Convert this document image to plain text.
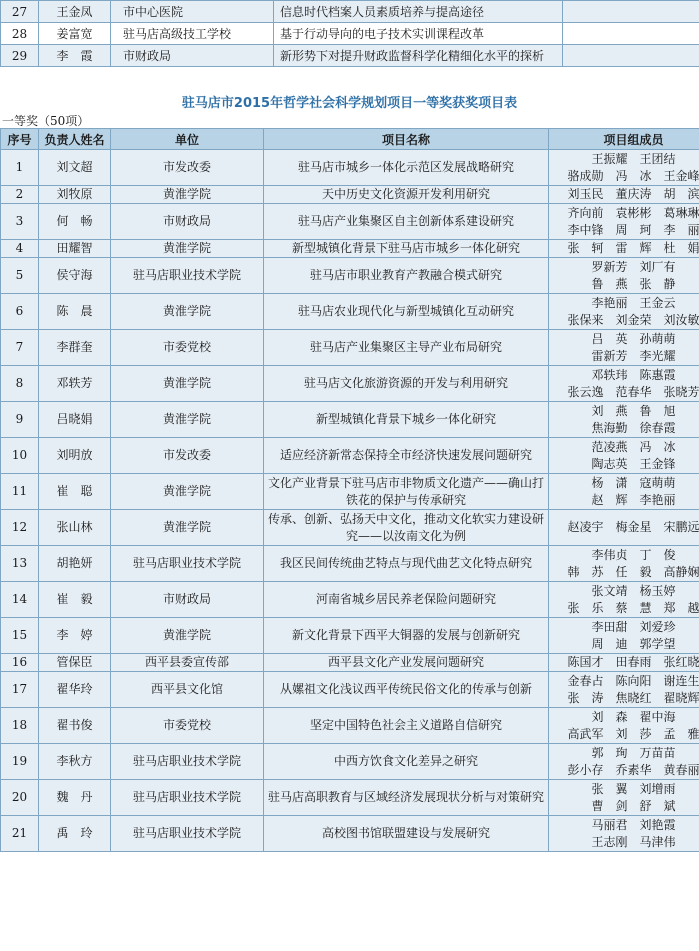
27	王金凤	市中心医院	信息时代档案人员素质培养与提高途径	
28	姜富宽	驻马店高级技工学校	基于行动导向的电子技术实训课程改革	
29	李　霞	市财政局	新形势下对提升财政监督科学化精细化水平的探析	
驻马店市2015年哲学社会科学规划项目一等奖获奖项目表
一等奖（50项）
序号	负责人姓名	单位	项目名称	项目组成员
1	刘文超	市发改委	驻马店市城乡一体化示范区发展战略研究	王振耀　王团结
骆成勋　冯　冰　王金峰
2	刘牧原	黄淮学院	天中历史文化资源开发利用研究	刘玉民　董庆涛　胡　滨
3	何　畅	市财政局	驻马店产业集聚区自主创新体系建设研究	齐向前　袁彬彬　葛琳琳
李中锋　周　珂　李　丽
4	田耀智	黄淮学院	新型城镇化背景下驻马店市城乡一体化研究	张　轲　雷　辉　杜　娟
5	侯守海	驻马店职业技术学院	驻马店市职业教育产教融合模式研究	罗新芳　刘厂有
鲁　燕　张　静
6	陈　晨	黄淮学院	驻马店农业现代化与新型城镇化互动研究	李艳丽　王金云
张保来　刘金荣　刘汝敏
7	李群奎	市委党校	驻马店产业集聚区主导产业布局研究	吕　英　孙萌萌
雷新芳　李光耀
8	邓轶芳	黄淮学院	驻马店文化旅游资源的开发与利用研究	邓轶玮　陈惠霞
张云逸　范春华　张晓芳
9	吕晓娟	黄淮学院	新型城镇化背景下城乡一体化研究	刘　燕　鲁　旭
焦海勤　徐春霞
10	刘明放	市发改委	适应经济新常态保持全市经济快速发展问题研究	范凌燕　冯　冰
陶志英　王金锋
11	崔　聪	黄淮学院	文化产业背景下驻马店市非物质文化遗产——确山打铁花的保护与传承研究	杨　潇　寇萌萌
赵　辉　李艳丽
12	张山林	黄淮学院	传承、创新、弘扬天中文化，推动文化软实力建设研究——以汝南文化为例	赵凌宇　梅金星　宋鹏远
13	胡艳妍	驻马店职业技术学院	我区民间传统曲艺特点与现代曲艺文化特点研究	李伟贞　丁　俊
韩　苏　任　毅　高静娴
14	崔　毅	市财政局	河南省城乡居民养老保险问题研究	张文靖　杨玉婷
张　乐　蔡　慧　郑　越
15	李　婷	黄淮学院	新文化背景下西平大铜器的发展与创新研究	李田甜　刘爱珍
周　迪　郭学望
16	管保臣	西平县委宣传部	西平县文化产业发展问题研究	陈国才　田春雨　张红晓
17	翟华玲	西平县文化馆	从嫘祖文化浅议西平传统民俗文化的传承与创新	金春占　陈向阳　谢连生
张　涛　焦晓红　翟晓辉
18	翟书俊	市委党校	坚定中国特色社会主义道路自信研究	刘　森　翟中海
高武军　刘　莎　孟　雅
19	李秋方	驻马店职业技术学院	中西方饮食文化差异之研究	郭　珣　万苗苗
彭小存　乔素华　黄春丽
20	魏　丹	驻马店职业技术学院	驻马店高职教育与区域经济发展现状分析与对策研究	张　翼　刘增雨
曹　剑　舒　斌
21	禹　玲	驻马店职业技术学院	高校图书馆联盟建设与发展研究	马丽君　刘艳霞
王志刚　马津伟
